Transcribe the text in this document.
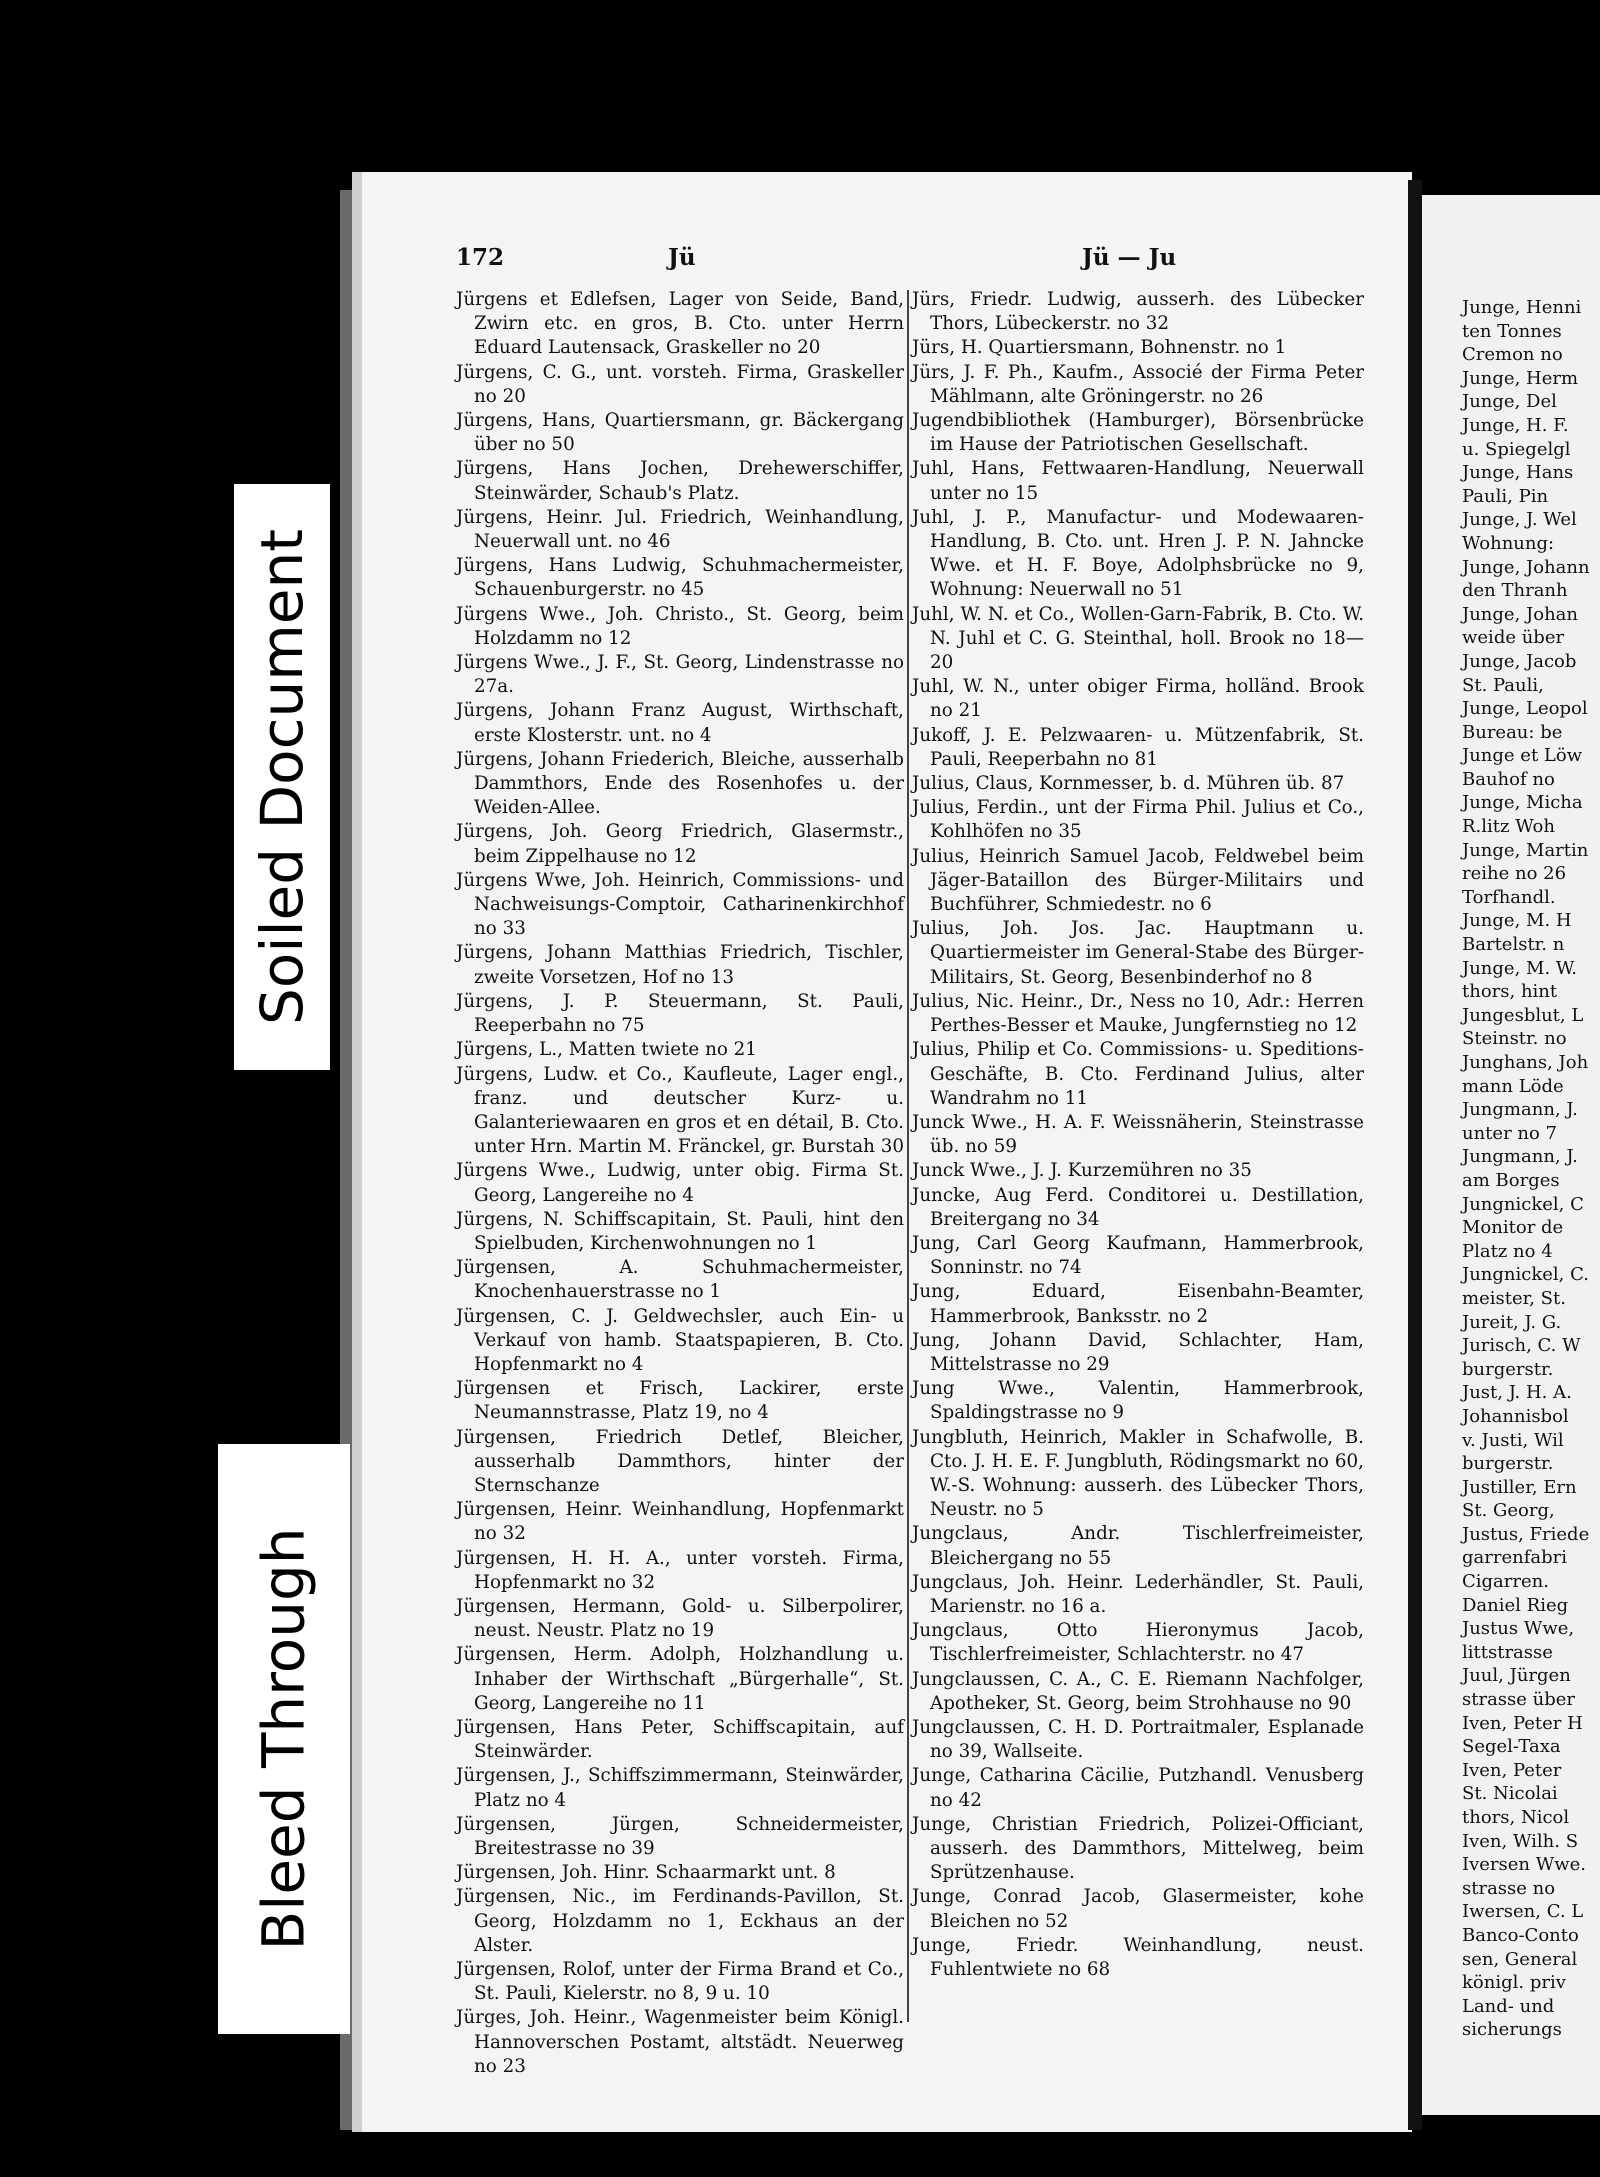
Soiled Document
Bleed Through
172	Jü	Jü — Ju
Jürgens et Edlefsen, Lager von Seide, Band, Zwirn etc. en gros, B. Cto. unter Herrn Eduard Lautensack, Graskeller no 20
Jürgens, C. G., unt. vorsteh. Firma, Graskeller no 20
Jürgens, Hans, Quartiersmann, gr. Bäckergang über no 50
Jürgens, Hans Jochen, Drehewerschiffer, Steinwärder, Schaub's Platz.
Jürgens, Heinr. Jul. Friedrich, Weinhandlung, Neuerwall unt. no 46
Jürgens, Hans Ludwig, Schuhmachermeister, Schauenburgerstr. no 45
Jürgens Wwe., Joh. Christo., St. Georg, beim Holzdamm no 12
Jürgens Wwe., J. F., St. Georg, Lindenstrasse no 27a.
Jürgens, Johann Franz August, Wirthschaft, erste Klosterstr. unt. no 4
Jürgens, Johann Friederich, Bleiche, ausserhalb Dammthors, Ende des Rosenhofes u. der Weiden-Allee.
Jürgens, Joh. Georg Friedrich, Glasermstr., beim Zippelhause no 12
Jürgens Wwe, Joh. Heinrich, Commissions- und Nachweisungs-Comptoir, Catharinenkirchhof no 33
Jürgens, Johann Matthias Friedrich, Tischler, zweite Vorsetzen, Hof no 13
Jürgens, J. P. Steuermann, St. Pauli, Reeperbahn no 75
Jürgens, L., Matten twiete no 21
Jürgens, Ludw. et Co., Kaufleute, Lager engl., franz. und deutscher Kurz- u. Galanteriewaaren en gros et en détail, B. Cto. unter Hrn. Martin M. Fränckel, gr. Burstah 30
Jürgens Wwe., Ludwig, unter obig. Firma St. Georg, Langereihe no 4
Jürgens, N. Schiffscapitain, St. Pauli, hint den Spielbuden, Kirchenwohnungen no 1
Jürgensen, A. Schuhmachermeister, Knochenhauerstrasse no 1
Jürgensen, C. J. Geldwechsler, auch Ein- u Verkauf von hamb. Staatspapieren, B. Cto. Hopfenmarkt no 4
Jürgensen et Frisch, Lackirer, erste Neumannstrasse, Platz 19, no 4
Jürgensen, Friedrich Detlef, Bleicher, ausserhalb Dammthors, hinter der Sternschanze
Jürgensen, Heinr. Weinhandlung, Hopfenmarkt no 32
Jürgensen, H. H. A., unter vorsteh. Firma, Hopfenmarkt no 32
Jürgensen, Hermann, Gold- u. Silberpolirer, neust. Neustr. Platz no 19
Jürgensen, Herm. Adolph, Holzhandlung u. Inhaber der Wirthschaft „Bürgerhalle“, St. Georg, Langereihe no 11
Jürgensen, Hans Peter, Schiffscapitain, auf Steinwärder.
Jürgensen, J., Schiffszimmermann, Steinwärder, Platz no 4
Jürgensen, Jürgen, Schneidermeister, Breitestrasse no 39
Jürgensen, Joh. Hinr. Schaarmarkt unt. 8
Jürgensen, Nic., im Ferdinands-Pavillon, St. Georg, Holzdamm no 1, Eckhaus an der Alster.
Jürgensen, Rolof, unter der Firma Brand et Co., St. Pauli, Kielerstr. no 8, 9 u. 10
Jürges, Joh. Heinr., Wagenmeister beim Königl. Hannoverschen Postamt, altstädt. Neuerweg no 23
Jürs, Friedr. Ludwig, ausserh. des Lübecker Thors, Lübeckerstr. no 32
Jürs, H. Quartiersmann, Bohnenstr. no 1
Jürs, J. F. Ph., Kaufm., Associé der Firma Peter Mählmann, alte Gröningerstr. no 26
Jugendbibliothek (Hamburger), Börsenbrücke im Hause der Patriotischen Gesellschaft.
Juhl, Hans, Fettwaaren-Handlung, Neuerwall unter no 15
Juhl, J. P., Manufactur- und Modewaaren-Handlung, B. Cto. unt. Hren J. P. N. Jahncke Wwe. et H. F. Boye, Adolphsbrücke no 9, Wohnung: Neuerwall no 51
Juhl, W. N. et Co., Wollen-Garn-Fabrik, B. Cto. W. N. Juhl et C. G. Steinthal, holl. Brook no 18—20
Juhl, W. N., unter obiger Firma, holländ. Brook no 21
Jukoff, J. E. Pelzwaaren- u. Mützenfabrik, St. Pauli, Reeperbahn no 81
Julius, Claus, Kornmesser, b. d. Mühren üb. 87
Julius, Ferdin., unt der Firma Phil. Julius et Co., Kohlhöfen no 35
Julius, Heinrich Samuel Jacob, Feldwebel beim Jäger-Bataillon des Bürger-Militairs und Buchführer, Schmiedestr. no 6
Julius, Joh. Jos. Jac. Hauptmann u. Quartiermeister im General-Stabe des Bürger-Militairs, St. Georg, Besenbinderhof no 8
Julius, Nic. Heinr., Dr., Ness no 10, Adr.: Herren Perthes-Besser et Mauke, Jungfernstieg no 12
Julius, Philip et Co. Commissions- u. Speditions-Geschäfte, B. Cto. Ferdinand Julius, alter Wandrahm no 11
Junck Wwe., H. A. F. Weissnäherin, Steinstrasse üb. no 59
Junck Wwe., J. J. Kurzemühren no 35
Juncke, Aug Ferd. Conditorei u. Destillation, Breitergang no 34
Jung, Carl Georg Kaufmann, Hammerbrook, Sonninstr. no 74
Jung, Eduard, Eisenbahn-Beamter, Hammerbrook, Banksstr. no 2
Jung, Johann David, Schlachter, Ham, Mittelstrasse no 29
Jung Wwe., Valentin, Hammerbrook, Spaldingstrasse no 9
Jungbluth, Heinrich, Makler in Schafwolle, B. Cto. J. H. E. F. Jungbluth, Rödingsmarkt no 60, W.-S. Wohnung: ausserh. des Lübecker Thors, Neustr. no 5
Jungclaus, Andr. Tischlerfreimeister, Bleichergang no 55
Jungclaus, Joh. Heinr. Lederhändler, St. Pauli, Marienstr. no 16 a.
Jungclaus, Otto Hieronymus Jacob, Tischlerfreimeister, Schlachterstr. no 47
Jungclaussen, C. A., C. E. Riemann Nachfolger, Apotheker, St. Georg, beim Strohhause no 90
Jungclaussen, C. H. D. Portraitmaler, Esplanade no 39, Wallseite.
Junge, Catharina Cäcilie, Putzhandl. Venusberg no 42
Junge, Christian Friedrich, Polizei-Officiant, ausserh. des Dammthors, Mittelweg, beim Sprützenhause.
Junge, Conrad Jacob, Glasermeister, kohe Bleichen no 52
Junge, Friedr. Weinhandlung, neust. Fuhlentwiete no 68
Junge, Henni
ten Tonnes
Cremon no
Junge, Herm
Junge, Del
Junge, H. F.
u. Spiegelgl
Junge, Hans
Pauli, Pin
Junge, J. Wel
Wohnung:
Junge, Johann
den Thranh
Junge, Johan
weide über
Junge, Jacob
St. Pauli,
Junge, Leopol
Bureau: be
Junge et Löw
Bauhof no
Junge, Micha
R.litz Woh
Junge, Martin
reihe no 26
Torfhandl.
Junge, M. H
Bartelstr. n
Junge, M. W.
thors, hint
Jungesblut, L
Steinstr. no
Junghans, Joh
mann Löde
Jungmann, J.
unter no 7
Jungmann, J.
am Borges
Jungnickel, C
Monitor de
Platz no 4
Jungnickel, C.
meister, St.
Jureit, J. G.
Jurisch, C. W
burgerstr.
Just, J. H. A.
Johannisbol
v. Justi, Wil
burgerstr.
Justiller, Ern
St. Georg,
Justus, Friede
garrenfabri
Cigarren.
Daniel Rieg
Justus Wwe,
littstrasse
Juul, Jürgen
strasse über
Iven, Peter H
Segel-Taxa
Iven, Peter
St. Nicolai
thors, Nicol
Iven, Wilh. S
Iversen Wwe.
strasse no
Iwersen, C. L
Banco-Conto
sen, General
königl. priv
Land- und
sicherungs
